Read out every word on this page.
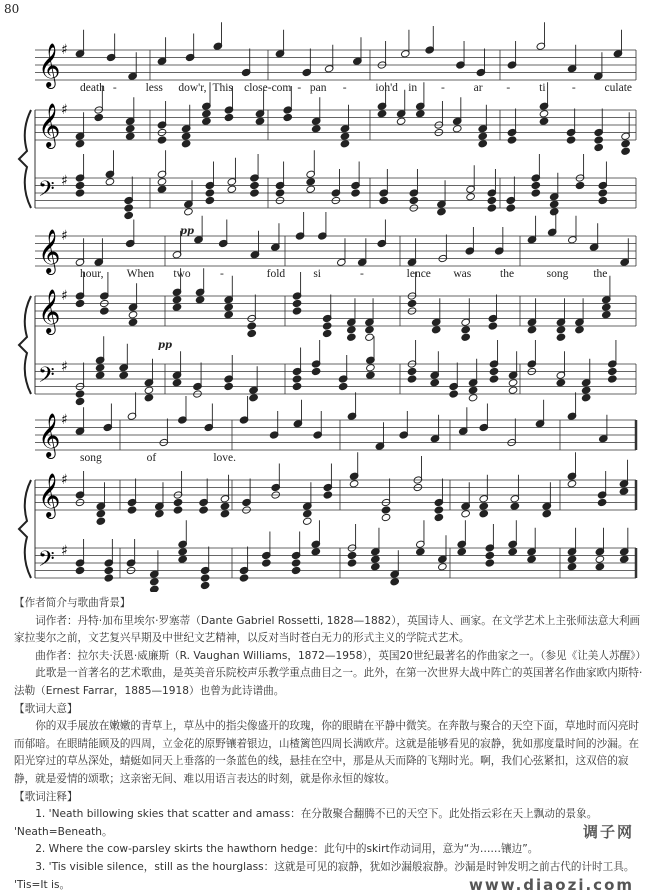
80
𝄞 ♯
𝄞 ♯
𝄢 ♯
𝄞 ♯
𝄞 ♯
𝄢 ♯
𝄞 ♯
𝄞 ♯
𝄢 ♯
death -	less dow'r, This close-com - pan -	ion'd in -	ar -	ti -	culate
hour, When two	-	fold si	-	lence was	the	song the
song	of	love.
pp
pp

【作者简介与歌曲背景】

词作者：丹特·加布里埃尔·罗塞蒂（Dante Gabriel Rossetti, 1828—1882），英国诗人、画家。在文学艺术上主张师法意大利画家拉斐尔之前，文艺复兴早期及中世纪文艺精神，以反对当时苍白无力的形式主义的学院式艺术。

曲作者：拉尔夫·沃恩·威廉斯（R. Vaughan Williams，1872—1958），英国20世纪最著名的作曲家之一。（参见《让美人苏醒》）

此歌是一首著名的艺术歌曲，是英美音乐院校声乐教学重点曲目之一。此外，在第一次世界大战中阵亡的英国著名作曲家欧内斯特·法勒（Ernest Farrar，1885—1918）也曾为此诗谱曲。

【歌词大意】

你的双手展放在嫩嫩的青草上，草丛中的指尖像盛开的玫瑰，你的眼睛在平静中微笑。在奔散与聚合的天空下面，草地时而闪亮时而郁暗。在眼睛能顾及的四周，立金花的原野镶着银边，山楂篱笆四周长满欧芹。这就是能够看见的寂静，犹如那度量时间的沙漏。在阳光穿过的草丛深处，蜻蜓如同天上垂落的一条蓝色的线，悬挂在空中，那是从天而降的飞翔时光。啊，我们心弦紧扣，这双倍的寂静，就是爱情的颂歌；这亲密无间、难以用语言表达的时刻，就是你永恒的嫁妆。

【歌词注释】

1. 'Neath billowing skies that scatter and amass：在分散聚合翻腾不已的天空下。此处指云彩在天上飘动的景象。

调子网
'Neath=Beneath。

2. Where the cow-parsley skirts the hawthorn hedge：此句中的skirt作动词用，意为“为……镶边”。

3. 'Tis visible silence，still as the hourglass：这就是可见的寂静，犹如沙漏般寂静。沙漏是时钟发明之前古代的计时工具。

www.diaozi.com
'Tis=It is。
